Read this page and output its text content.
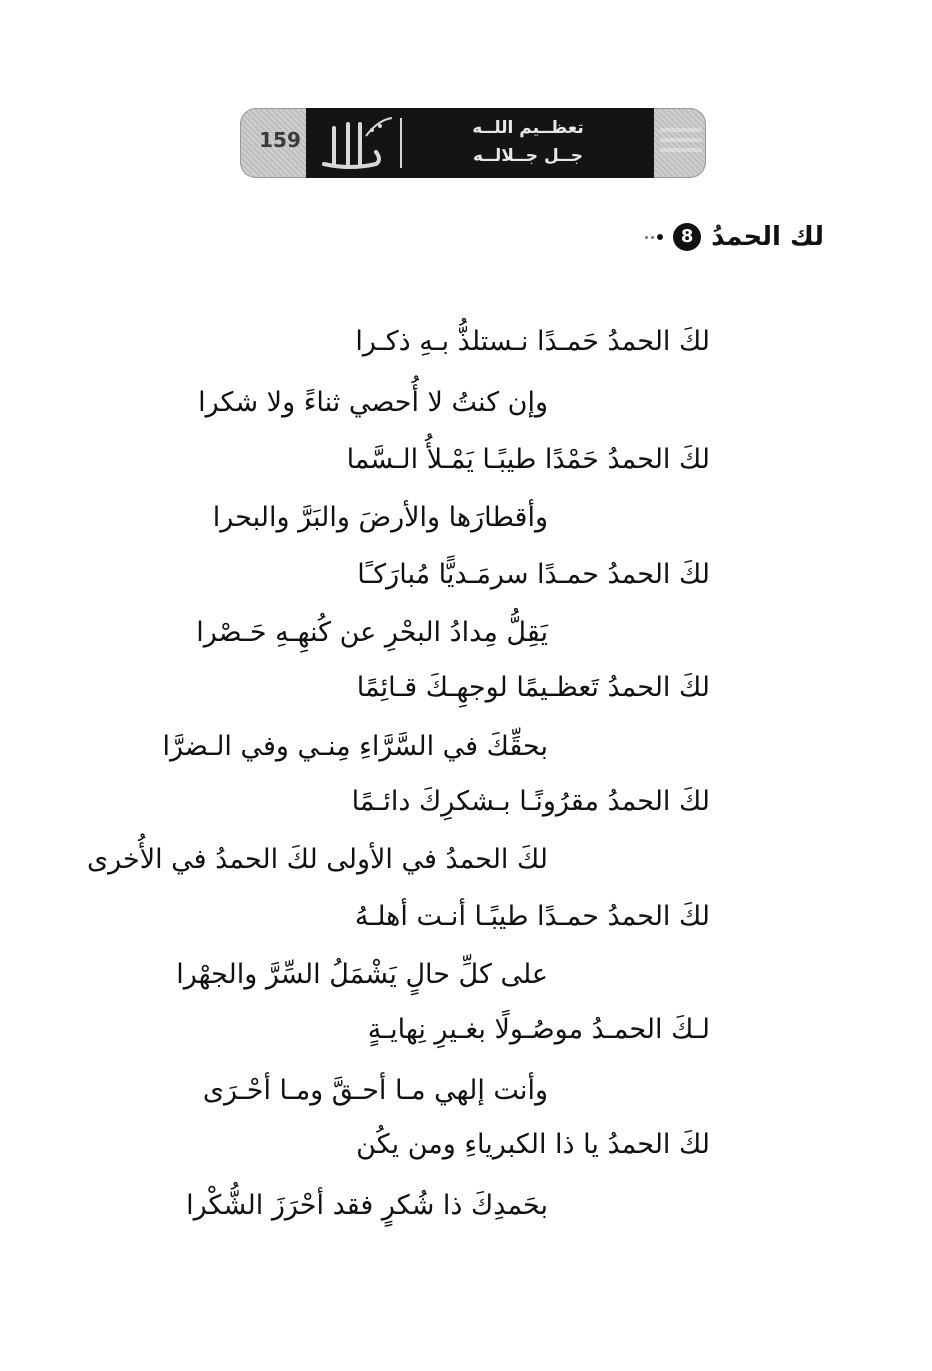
159	تعظــيم اللــه
جــل جــلالــه
لك الحمدُ
8
لكَ الحمدُ حَمـدًا نـستلذُّ بـهِ ذكـرا
وإن كنتُ لا أُحصي ثناءً ولا شكرا
لكَ الحمدُ حَمْدًا طيبًـا يَمْـلأُ الـسَّما
وأقطارَها والأرضَ والبَرَّ والبحرا
لكَ الحمدُ حمـدًا سرمَـديًّا مُبارَكـًا
يَقِلُّ مِدادُ البحْرِ عن كُنهِـهِ حَـصْرا
لكَ الحمدُ تَعظـيمًا لوجهِـكَ قـائِمًا
بحقِّكَ في السَّرَّاءِ مِنـي وفي الـضرَّا
لكَ الحمدُ مقرُونًـا بـشكرِكَ دائـمًا
لكَ الحمدُ في الأولى لكَ الحمدُ في الأُخرى
لكَ الحمدُ حمـدًا طيبًـا أنـت أهلـهُ
على كلِّ حالٍ يَشْمَلُ السِّرَّ والجهْرا
لـكَ الحمـدُ موصُـولًا بغـيرِ نِهايـةٍ
وأنت إلهي مـا أحـقَّ ومـا أحْـرَى
لكَ الحمدُ يا ذا الكبرياءِ ومن يكُن
بحَمدِكَ ذا شُكرٍ فقد أحْرَزَ الشُّكْرا
